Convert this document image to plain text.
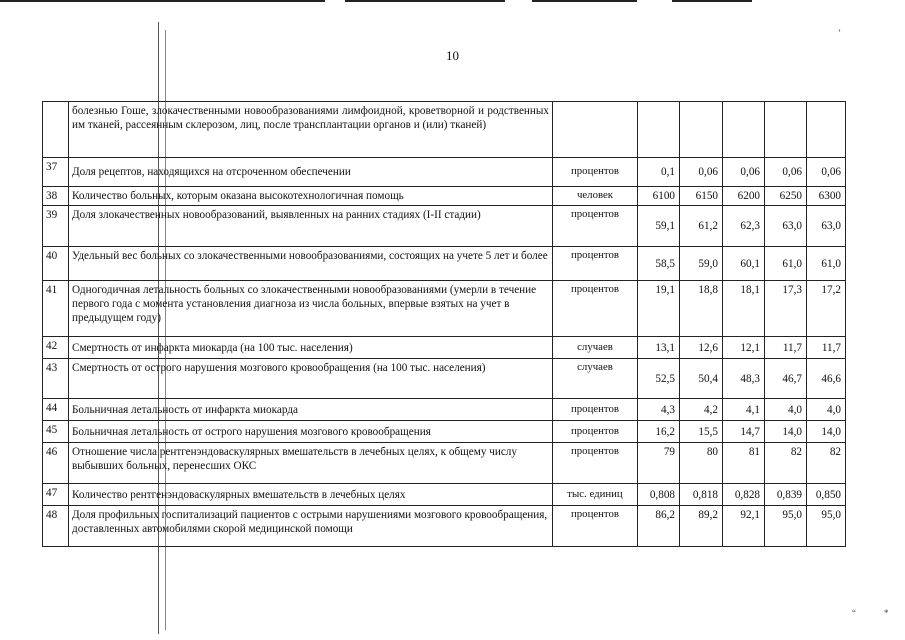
’
“	*
10
	болезнью Гоше, злокачественными новообразованиями лимфоидной, кроветворной и родственных им тканей, рассеянным склерозом, лиц, после трансплантации органов и (или) тканей)						
37	Доля рецептов, находящихся на отсроченном обеспечении	процентов	0,1	0,06	0,06	0,06	0,06
38	Количество больных, которым оказана высокотехнологичная помощь	человек	6100	6150	6200	6250	6300
39	Доля злокачественных новообразований, выявленных на ранних стадиях (I-II стадии)	процентов	59,1	61,2	62,3	63,0	63,0
40	Удельный вес больных со злокачественными новообразованиями, состоящих на учете 5 лет и более	процентов	58,5	59,0	60,1	61,0	61,0
41	Одногодичная летальность больных со злокачественными новообразованиями (умерли в течение первого года с момента установления диагноза из числа больных, впервые взятых на учет в предыдущем году)	процентов	19,1	18,8	18,1	17,3	17,2
42	Смертность от инфаркта миокарда (на 100 тыс. населения)	случаев	13,1	12,6	12,1	11,7	11,7
43	Смертность от острого нарушения мозгового кровообращения (на 100 тыс. населения)	случаев	52,5	50,4	48,3	46,7	46,6
44	Больничная летальность от инфаркта миокарда	процентов	4,3	4,2	4,1	4,0	4,0
45	Больничная летальность от острого нарушения мозгового кровообращения	процентов	16,2	15,5	14,7	14,0	14,0
46	Отношение числа рентгенэндоваскулярных вмешательств в лечебных целях, к общему числу выбывших больных, перенесших ОКС	процентов	79	80	81	82	82
47	Количество рентгенэндоваскулярных вмешательств в лечебных целях	тыс. единиц	0,808	0,818	0,828	0,839	0,850
48	Доля профильных госпитализаций пациентов с острыми нарушениями мозгового кровообращения, доставленных автомобилями скорой медицинской помощи	процентов	86,2	89,2	92,1	95,0	95,0
